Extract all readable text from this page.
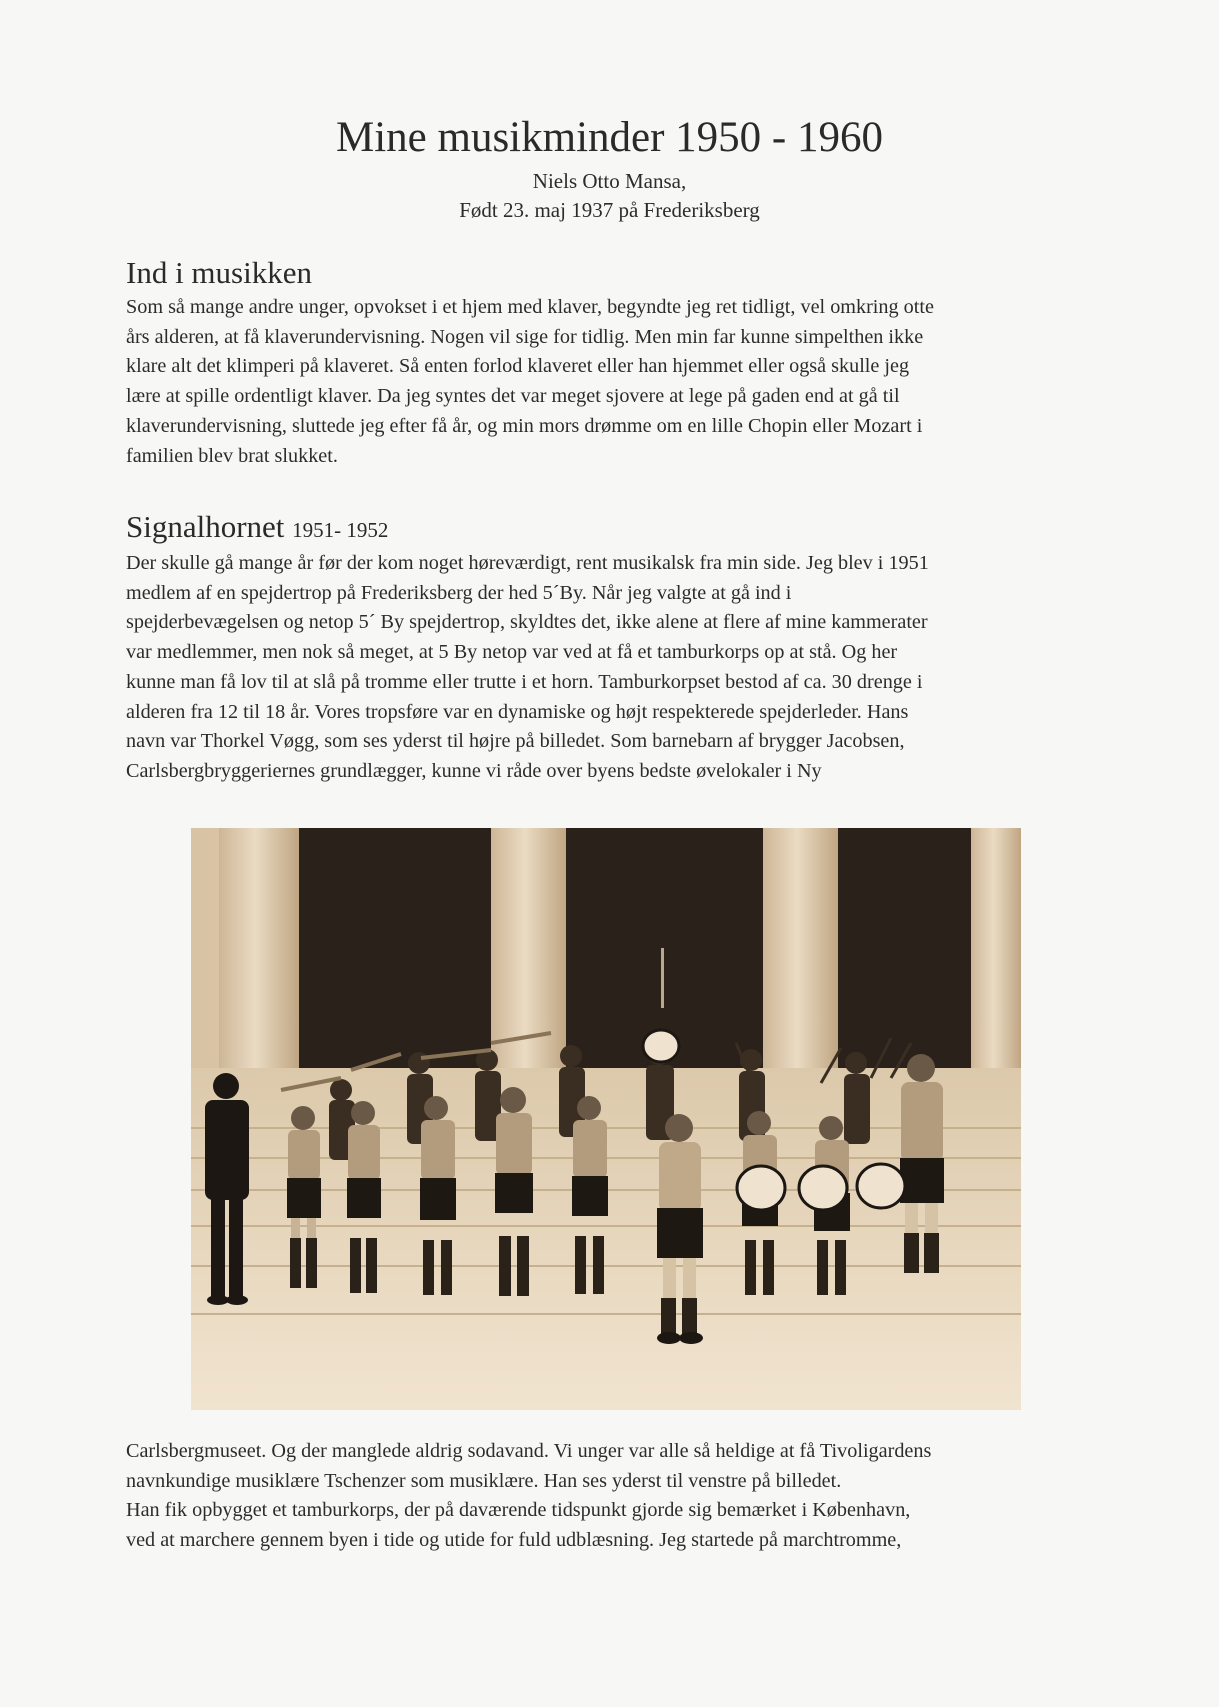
Mine musikminder 1950 - 1960
Niels Otto Mansa,
Født 23. maj 1937 på Frederiksberg
Ind i musikken
Som så mange andre unger, opvokset i et hjem med klaver, begyndte jeg ret tidligt, vel omkring otte
års alderen, at få klaverundervisning. Nogen vil sige for tidlig. Men min far kunne simpelthen ikke
klare alt det klimperi på klaveret. Så enten forlod klaveret eller han hjemmet eller også skulle jeg
lære at spille ordentligt klaver. Da jeg syntes det var meget sjovere at lege på gaden end at gå til
klaverundervisning, sluttede jeg efter få år, og min mors drømme om en lille Chopin eller Mozart i
familien blev brat slukket.
Signalhornet 1951- 1952
Der skulle gå mange år før der kom noget høreværdigt, rent musikalsk fra min side. Jeg blev i 1951
medlem af en spejdertrop på Frederiksberg der hed 5´By. Når jeg valgte at gå ind i
spejderbevægelsen og netop 5´ By spejdertrop, skyldtes det, ikke alene at flere af mine kammerater
var medlemmer, men nok så meget, at 5 By netop var ved at få et tamburkorps op at stå. Og her
kunne man få lov til at slå på tromme eller trutte i et horn. Tamburkorpset bestod af ca. 30 drenge i
alderen fra 12 til 18 år. Vores tropsføre var en dynamiske og højt respekterede spejderleder. Hans
navn var Thorkel Vøgg, som ses yderst til højre på billedet. Som barnebarn af brygger Jacobsen,
Carlsbergbryggeriernes grundlægger, kunne vi råde over byens bedste øvelokaler i Ny
Carlsbergmuseet. Og der manglede aldrig sodavand. Vi unger var alle så heldige at få Tivoligardens
navnkundige musiklære Tschenzer som musiklære. Han ses yderst til venstre på billedet.
Han fik opbygget et tamburkorps, der på daværende tidspunkt gjorde sig bemærket i København,
ved at marchere gennem byen i tide og utide for fuld udblæsning. Jeg startede på marchtromme,
